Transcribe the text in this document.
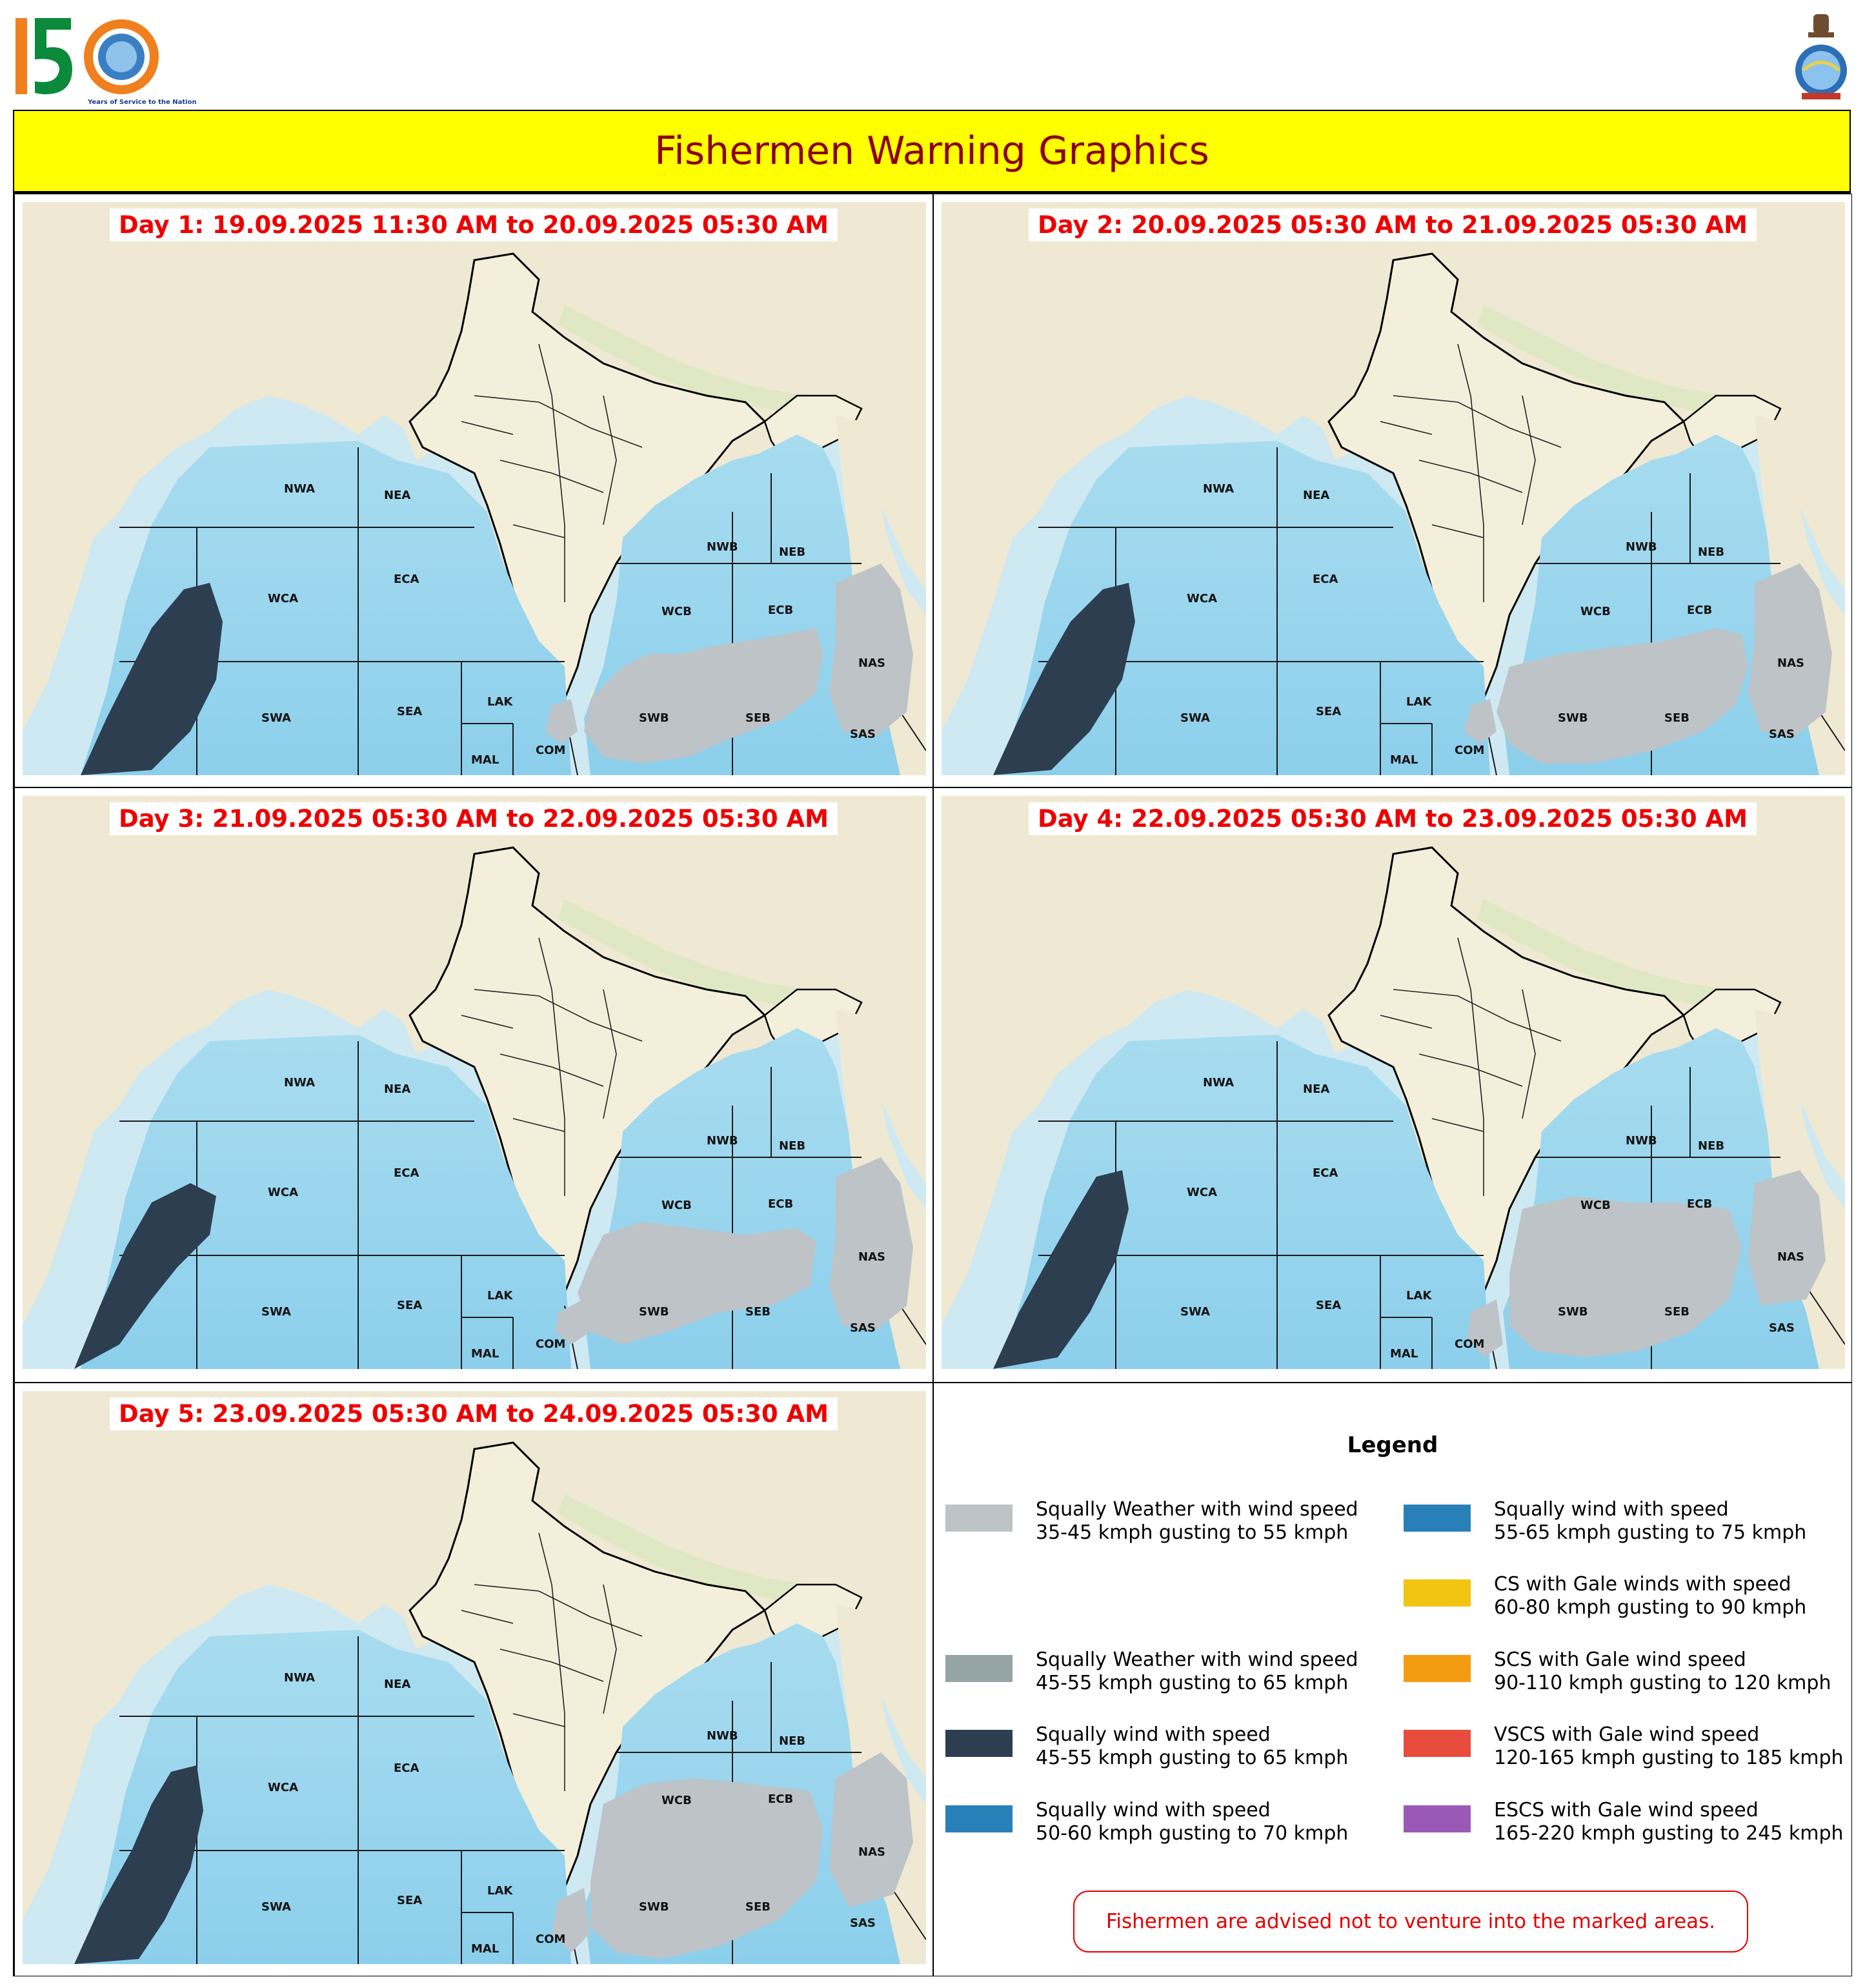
Years of Service to the Nation
Fishermen Warning Graphics
NWA	NEA
ECA
WCA
SWA	SEA
LAK
MAL
COM
NWB	NEB
WCB	ECB
SWB	SEB
NAS
SAS
Day 1: 19.09.2025 11:30 AM to 20.09.2025 05:30 AM
NWA	NEA
ECA
WCA
SWA	SEA
LAK
MAL
COM
NWB	NEB
WCB	ECB
SWB	SEB
NAS
SAS
Day 2: 20.09.2025 05:30 AM to 21.09.2025 05:30 AM
NWA	NEA
ECA
WCA
SWA	SEA
LAK
MAL
COM
NWB	NEB
WCB	ECB
SWB	SEB
NAS
SAS
Day 3: 21.09.2025 05:30 AM to 22.09.2025 05:30 AM
NWA	NEA
ECA
WCA
SWA	SEA
LAK
MAL
COM
NWB	NEB
WCB	ECB
SWB	SEB
NAS
SAS
Day 4: 22.09.2025 05:30 AM to 23.09.2025 05:30 AM
NWA	NEA
ECA
WCA
SWA	SEA
LAK
MAL
COM
NWB	NEB
WCB	ECB
SWB	SEB
NAS
SAS
Day 5: 23.09.2025 05:30 AM to 24.09.2025 05:30 AM
Legend
Squally Weather with wind speed
35-45 kmph gusting to 55 kmph
Squally wind with speed
55-65 kmph gusting to 75 kmph
CS with Gale winds with speed
60-80 kmph gusting to 90 kmph
Squally Weather with wind speed
45-55 kmph gusting to 65 kmph
SCS with Gale wind speed
90-110 kmph gusting to 120 kmph
Squally wind with speed
45-55 kmph gusting to 65 kmph
VSCS with Gale wind speed
120-165 kmph gusting to 185 kmph
Squally wind with speed
50-60 kmph gusting to 70 kmph
ESCS with Gale wind speed
165-220 kmph gusting to 245 kmph
Fishermen are advised not to venture into the marked areas.
